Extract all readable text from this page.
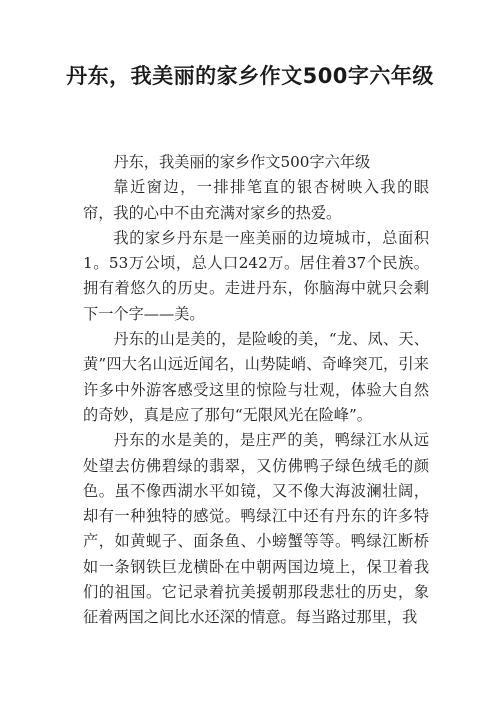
丹东，我美丽的家乡作文500字六年级

丹东，我美丽的家乡作文500字六年级

靠近窗边，一排排笔直的银杏树映入我的眼帘，我的心中不由充满对家乡的热爱。

我的家乡丹东是一座美丽的边境城市，总面积1。53万公顷，总人口242万。居住着37个民族。拥有着悠久的历史。走进丹东，你脑海中就只会剩下一个字——美。

丹东的山是美的，是险峻的美，“龙、凤、天、黄”四大名山远近闻名，山势陡峭、奇峰突兀，引来许多中外游客感受这里的惊险与壮观，体验大自然的奇妙，真是应了那句“无限风光在险峰”。

丹东的水是美的，是庄严的美，鸭绿江水从远处望去仿佛碧绿的翡翠，又仿佛鸭子绿色绒毛的颜色。虽不像西湖水平如镜，又不像大海波澜壮阔，却有一种独特的感觉。鸭绿江中还有丹东的许多特产，如黄蚬子、面条鱼、小螃蟹等等。鸭绿江断桥如一条钢铁巨龙横卧在中朝两国边境上，保卫着我们的祖国。它记录着抗美援朝那段悲壮的历史，象征着两国之间比水还深的情意。每当路过那里，我
